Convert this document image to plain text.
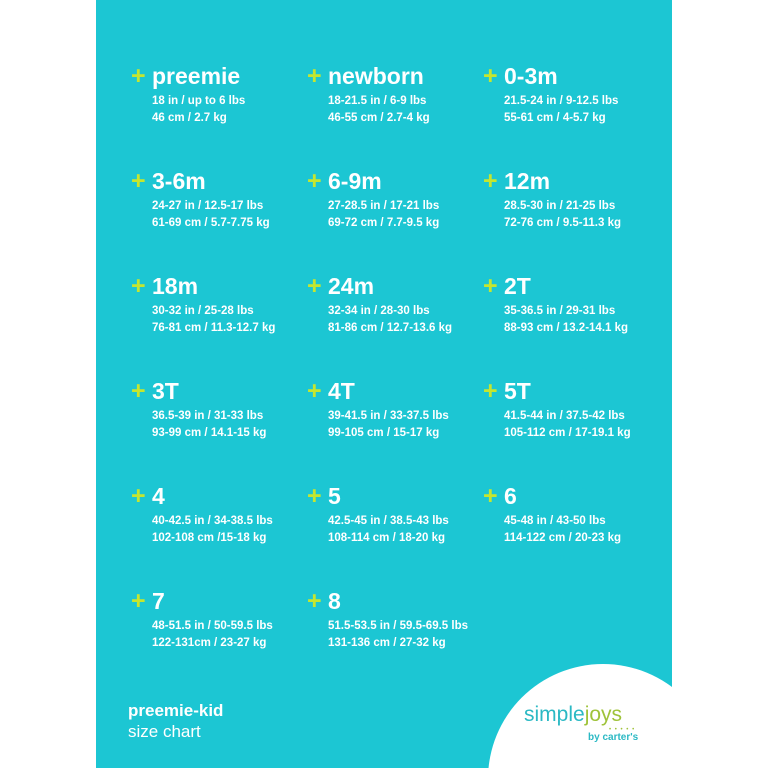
+ preemie
18 in / up to 6 lbs
46 cm / 2.7 kg
+ newborn
18-21.5 in / 6-9 lbs
46-55 cm / 2.7-4 kg
+ 0-3m
21.5-24 in / 9-12.5 lbs
55-61 cm / 4-5.7 kg
+ 3-6m
24-27 in / 12.5-17 lbs
61-69 cm / 5.7-7.75 kg
+ 6-9m
27-28.5 in / 17-21 lbs
69-72 cm / 7.7-9.5 kg
+ 12m
28.5-30 in / 21-25 lbs
72-76 cm / 9.5-11.3 kg
+ 18m
30-32 in / 25-28 lbs
76-81 cm / 11.3-12.7 kg
+ 24m
32-34 in / 28-30 lbs
81-86 cm / 12.7-13.6 kg
+ 2T
35-36.5 in / 29-31 lbs
88-93 cm / 13.2-14.1 kg
+ 3T
36.5-39 in / 31-33 lbs
93-99 cm / 14.1-15 kg
+ 4T
39-41.5 in / 33-37.5 lbs
99-105 cm / 15-17 kg
+ 5T
41.5-44 in / 37.5-42 lbs
105-112 cm / 17-19.1 kg
+ 4
40-42.5 in / 34-38.5 lbs
102-108 cm /15-18 kg
+ 5
42.5-45 in / 38.5-43 lbs
108-114 cm / 18-20 kg
+ 6
45-48 in / 43-50 lbs
114-122 cm / 20-23 kg
+ 7
48-51.5 in / 50-59.5 lbs
122-131cm / 23-27 kg
+ 8
51.5-53.5 in / 59.5-69.5 lbs
131-136 cm / 27-32 kg
preemie-kid
size chart
simplejoys
• • • • •
by carter's
